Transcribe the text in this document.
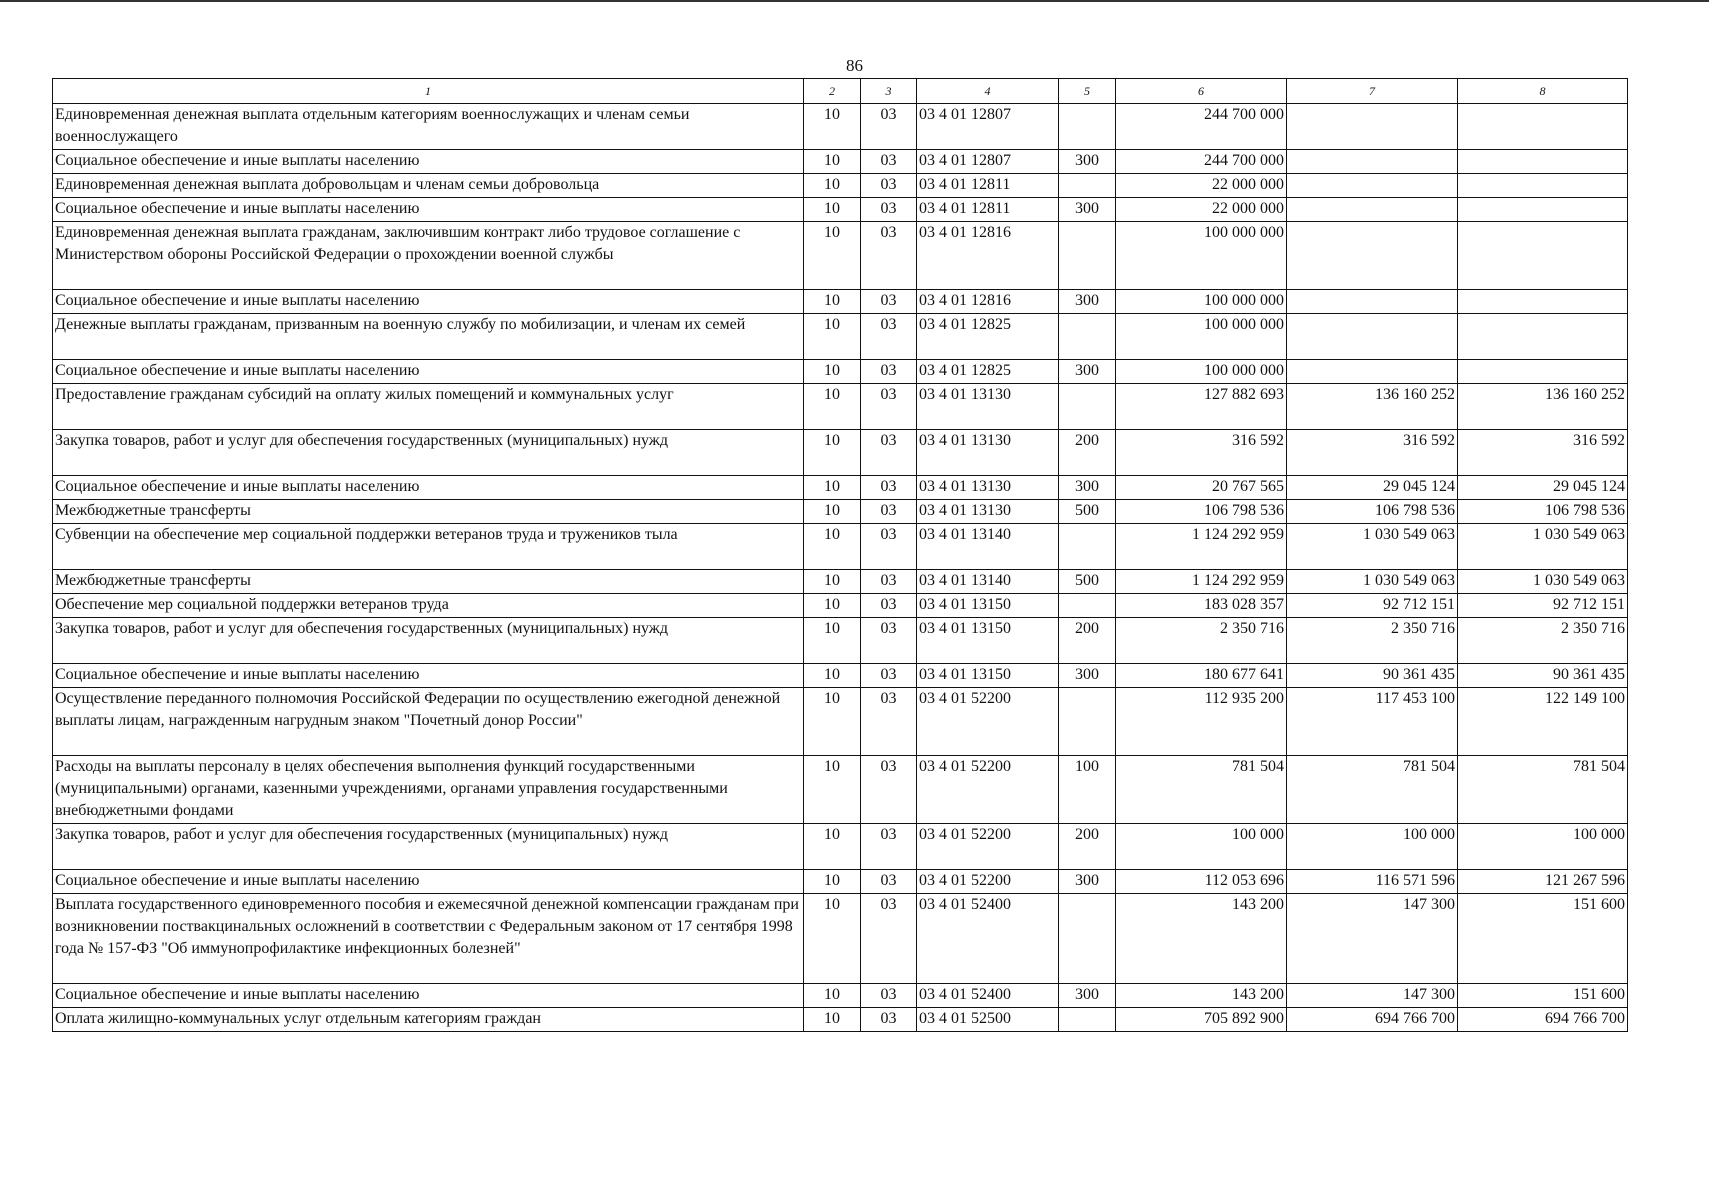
86
1	2	3	4	5	6	7	8
Единовременная денежная выплата отдельным категориям военнослужащих и членам семьи военнослужащего	10	03	03 4 01 12807		244 700 000		
Социальное обеспечение и иные выплаты населению	10	03	03 4 01 12807	300	244 700 000		
Единовременная денежная выплата добровольцам и членам семьи добровольца	10	03	03 4 01 12811		22 000 000		
Социальное обеспечение и иные выплаты населению	10	03	03 4 01 12811	300	22 000 000		
Единовременная денежная выплата гражданам, заключившим контракт либо трудовое соглашение с Министерством обороны Российской Федерации о прохождении военной службы	10	03	03 4 01 12816		100 000 000		
Социальное обеспечение и иные выплаты населению	10	03	03 4 01 12816	300	100 000 000		
Денежные выплаты гражданам, призванным на военную службу по мобилизации, и членам их семей	10	03	03 4 01 12825		100 000 000		
Социальное обеспечение и иные выплаты населению	10	03	03 4 01 12825	300	100 000 000		
Предоставление гражданам субсидий на оплату жилых помещений и коммунальных услуг	10	03	03 4 01 13130		127 882 693	136 160 252	136 160 252
Закупка товаров, работ и услуг для обеспечения государственных (муниципальных) нужд	10	03	03 4 01 13130	200	316 592	316 592	316 592
Социальное обеспечение и иные выплаты населению	10	03	03 4 01 13130	300	20 767 565	29 045 124	29 045 124
Межбюджетные трансферты	10	03	03 4 01 13130	500	106 798 536	106 798 536	106 798 536
Субвенции на обеспечение мер социальной поддержки ветеранов труда и тружеников тыла	10	03	03 4 01 13140		1 124 292 959	1 030 549 063	1 030 549 063
Межбюджетные трансферты	10	03	03 4 01 13140	500	1 124 292 959	1 030 549 063	1 030 549 063
Обеспечение мер социальной поддержки ветеранов труда	10	03	03 4 01 13150		183 028 357	92 712 151	92 712 151
Закупка товаров, работ и услуг для обеспечения государственных (муниципальных) нужд	10	03	03 4 01 13150	200	2 350 716	2 350 716	2 350 716
Социальное обеспечение и иные выплаты населению	10	03	03 4 01 13150	300	180 677 641	90 361 435	90 361 435
Осуществление переданного полномочия Российской Федерации по осуществлению ежегодной денежной выплаты лицам, награжденным нагрудным знаком "Почетный донор России"	10	03	03 4 01 52200		112 935 200	117 453 100	122 149 100
Расходы на выплаты персоналу в целях обеспечения выполнения функций государственными (муниципальными) органами, казенными учреждениями, органами управления государственными внебюджетными фондами	10	03	03 4 01 52200	100	781 504	781 504	781 504
Закупка товаров, работ и услуг для обеспечения государственных (муниципальных) нужд	10	03	03 4 01 52200	200	100 000	100 000	100 000
Социальное обеспечение и иные выплаты населению	10	03	03 4 01 52200	300	112 053 696	116 571 596	121 267 596
Выплата государственного единовременного пособия и ежемесячной денежной компенсации гражданам при возникновении поствакцинальных осложнений в соответствии с Федеральным законом от 17 сентября 1998 года № 157-ФЗ "Об иммунопрофилактике инфекционных болезней"	10	03	03 4 01 52400		143 200	147 300	151 600
Социальное обеспечение и иные выплаты населению	10	03	03 4 01 52400	300	143 200	147 300	151 600
Оплата жилищно-коммунальных услуг отдельным категориям граждан	10	03	03 4 01 52500		705 892 900	694 766 700	694 766 700
